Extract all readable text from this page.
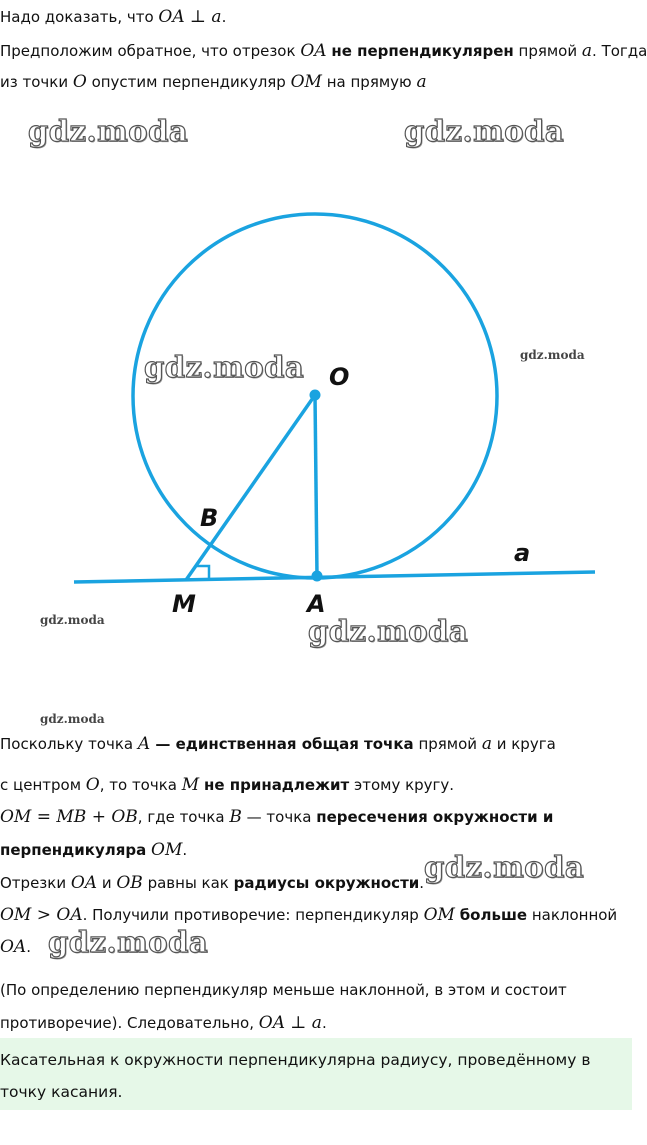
Надо доказать, что OA ⊥ a.
Предположим обратное, что отрезок OA не перпендикулярен прямой a. Тогда
из точки O опустим перпендикуляр OM на прямую a
O
B
M	A
a
gdz.moda	gdz.moda
gdz.moda	gdz.moda
gdz.moda	gdz.moda
gdz.moda
gdz.moda
gdz.moda
Поскольку точка A — единственная общая точка прямой a и круга
с центром O, то точка M не принадлежит этому кругу.
OM = MB + OB, где точка B — точка пересечения окружности и
перпендикуляра OM.
Отрезки OA и OB равны как радиусы окружности.
OM > OA. Получили противоречие: перпендикуляр OM больше наклонной
OA.
(По определению перпендикуляр меньше наклонной, в этом и состоит
противоречие). Следовательно, OA ⊥ a.
Касательная к окружности перпендикулярна радиусу, проведённому в точку касания.
